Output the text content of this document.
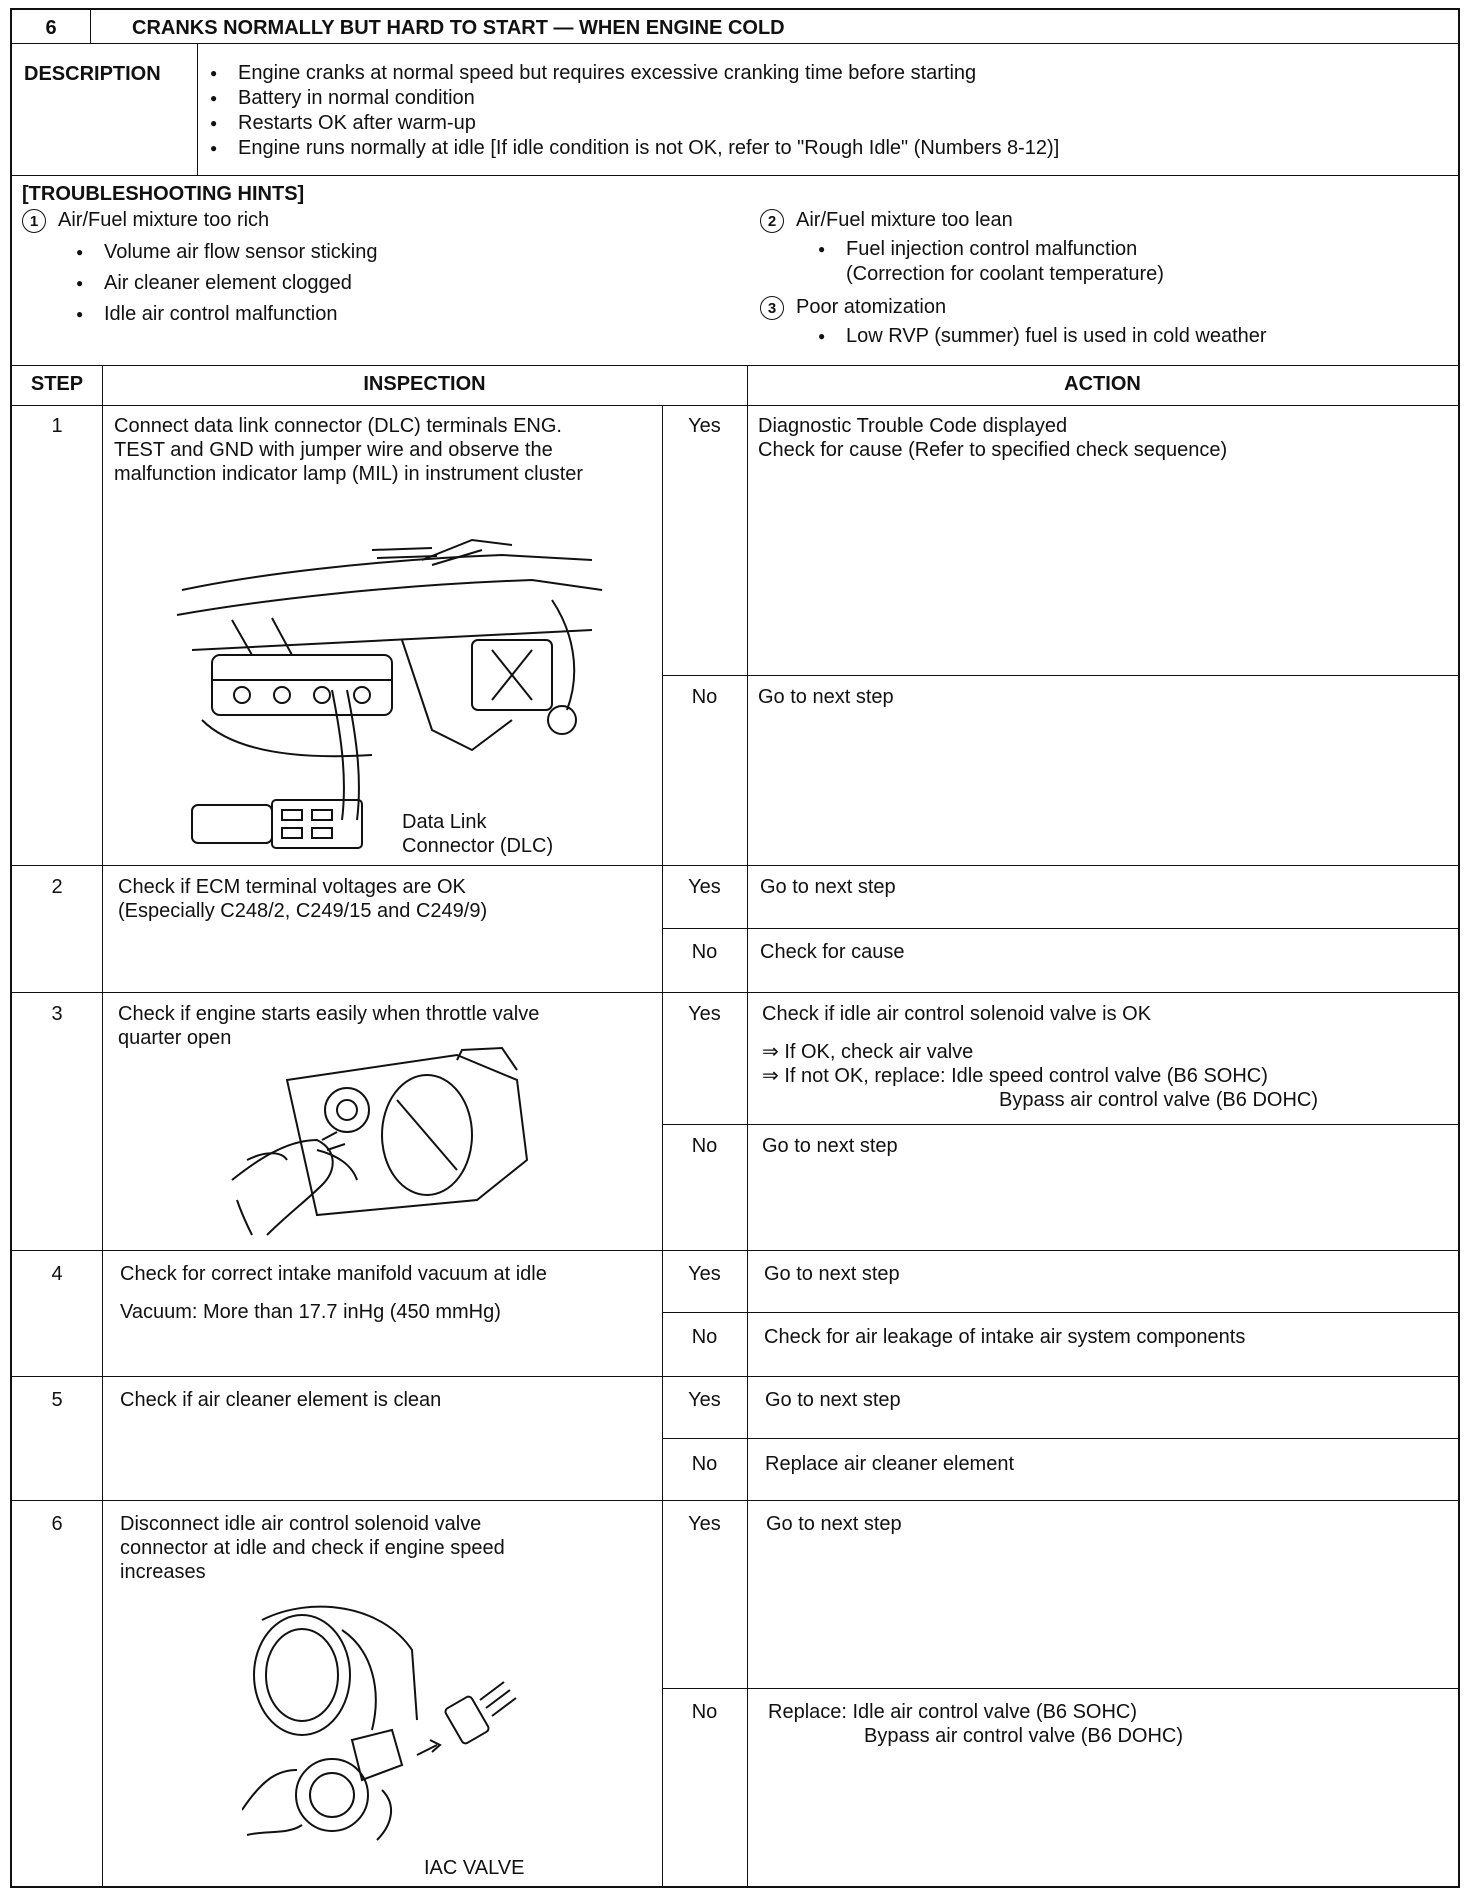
6	CRANKS NORMALLY BUT HARD TO START — WHEN ENGINE COLD
DESCRIPTION
●	Engine cranks at normal speed but requires excessive cranking time before starting
● Battery in normal condition
● Restarts OK after warm-up
● Engine runs normally at idle [If idle condition is not OK, refer to "Rough Idle" (Numbers 8-12)]
[TROUBLESHOOTING HINTS]
1 Air/Fuel mixture too rich
● Volume air flow sensor sticking
● Air cleaner element clogged
● Idle air control malfunction
2 Air/Fuel mixture too lean
● Fuel injection control malfunction
(Correction for coolant temperature)
3 Poor atomization
● Low RVP (summer) fuel is used in cold weather
STEP	INSPECTION	ACTION
1	Connect data link connector (DLC) terminals ENG.
TEST and GND with jumper wire and observe the
malfunction indicator lamp (MIL) in instrument cluster
Data Link
Connector (DLC)
Yes	Diagnostic Trouble Code displayed
Check for cause (Refer to specified check sequence)
No	Go to next step
2	Check if ECM terminal voltages are OK
(Especially C248/2, C249/15 and C249/9)
Yes	Go to next step
No	Check for cause
3	Check if engine starts easily when throttle valve
quarter open
Yes	Check if idle air control solenoid valve is OK
⇒ If OK, check air valve
⇒ If not OK, replace: Idle speed control valve (B6 SOHC)
Bypass air control valve (B6 DOHC)
No	Go to next step
4	Check for correct intake manifold vacuum at idle
Vacuum: More than 17.7 inHg (450 mmHg)
Yes	Go to next step
No	Check for air leakage of intake air system components
5	Check if air cleaner element is clean	Yes	Go to next step
No	Replace air cleaner element
6	Disconnect idle air control solenoid valve
connector at idle and check if engine speed
increases
IAC VALVE
Yes	Go to next step
No	Replace: Idle air control valve (B6 SOHC)
Bypass air control valve (B6 DOHC)
